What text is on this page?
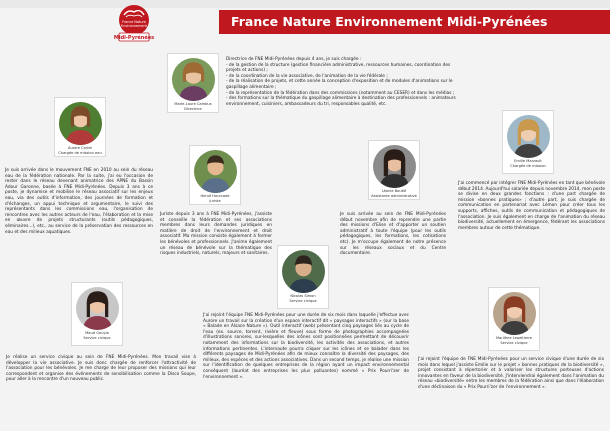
France Nature
Environnement
Midi-Pyrénées
France Nature Environnement Midi-Pyrénées
Marie-Laure Cambus
Directrice
Directrice de FNE Midi-Pyrénées depuis 4 ans, je suis chargée :
- de la gestion de la structure (gestion financière administrative, ressources humaines, coordination des
projets et actions) ;
- de la coordination de la vie associative, de l'animation de la vie fédérale ;
- de la réalisation de projets, et cette année la conception d'exposition et de modules d'animations sur le
gaspillage alimentaire ;
- de la représentation de la fédération dans des commissions (notamment au CESER) et dans les médias ;
- des formations sur la thématique du gaspillage alimentaire à destination des professionnels : animateurs
environnement, cuisiniers, ambassadeurs du tri, responsables qualité, etc.
Aurore Carlet
Chargée de mission eau
Je suis arrivée dans le mouvement FNE en 2010 au sein du réseau eau de la fédération nationale. Par la suite, j'ai eu l'occasion de rester dans le réseau devenant animatrice des APNE du Bassin Adour Garonne, basée à FNE Midi-Pyrénées. Depuis 3 ans à ce poste, je dynamise et mobilise le réseau associatif sur les enjeux eau, via des outils d'information, des journées de formation et d'échanges, un appui technique et argumentaire, le suivi des représentants dans les commissions eau, l'organisation de rencontres avec les autres acteurs de l'eau, l'élaboration et la mise en œuvre de projets structurants (outils pédagogiques, séminaires...), etc., au service de la préservation des ressources en eau et des milieux aquatiques.
Hervé Hourcade
Juriste
Juriste depuis 3 ans à FNE Midi-Pyrénées, j'assiste et conseille la fédération et ses associations membres dans leurs demandes juridiques en matière de droit de l'environnement et droit associatif. Ma mission consiste également à former les bénévoles et professionnels. J'anime également un réseau de bénévole sur la thématique des risques industriels, naturels, majeurs et sanitaires.
Léonie Boutié
Assistante administrative
Je suis arrivée au sein de FNE Midi-Pyrénées début novembre afin de reprendre une partie des missions d'Elise et d'apporter un soutien administratif à toute l'équipe (pour les outils pédagogiques, les formations, les cotisations etc). Je m'occupe également de notre présence sur les réseaux sociaux et du Centre documentaire.
Emilie Marzault
Chargée de mission
J'ai commencé par intégrer FNE Midi-Pyrénées en tant que bénévole début 2014. Aujourd'hui salariée depuis novembre 2014, mon poste se divise en deux grandes fonctions : d'une part chargée de mission «bonnes pratiques» ; d'autre part, je suis chargée de communication en partenariat avec Lémon pour créer tous les supports, affiches, outils de communication et pédagogiques de l'association. Je suis également en charge de l'animation du réseau biodiversité, actuellement en émergence, fédérant les associations membres autour de cette thématique.
Nicolas Simon
Service civique
J'ai rejoint l'équipe FNE Midi-Pyrénées pour une durée de six mois dans laquelle j'effectue avec Aurore un travail sur la création d'un espace interactif dit « paysages interactifs » (sur la base « Balade en Alsace Nature »). Outil interactif (web) présentant cinq paysages liés au cycle de l'eau (ex. source, torrent, rivière et fleuve) sous forme de photographies accompagnées d'illustrations sonores, sur-lesquelles des icônes sont positionnées permettant de découvrir notamment des informations sur la biodiversité, les activités des associations, et autres informations pertinentes. L'internaute pourra cliquer sur les icônes et se balader dans les différents paysages de Midi-Pyrénées afin de mieux connaître la diversité des paysages, des milieux, des espèces et des actions associatives. Dans un second temps, je réalise une mission sur l'identification de quelques entreprises de la région ayant un impact environnemental conséquent (lauréat des entreprises les plus polluantes) nommé « Prix Pourri'zer de l'environnement ».
Maud Gouyla
Service civique
Je réalise un service civique au sein de FNE Midi-Pyrénées. Mon travail vise à développer la vie associative. Je suis donc chargée de renforcer l'attractivité de l'association pour les bénévoles. Je me charge de leur proposer des missions qui leur correspondent et organise des événements de sensibilisation comme la Disco Soupe, pour aller à la rencontre d'un nouveau public.
Marilène Lepeltierre
Service civique
J'ai rejoint l'équipe de FNE Midi-Pyrénées pour un service civique d'une durée de six mois dans lequel j'assiste Emilie sur le projet « bonnes pratiques de la biodiversité », projet consistant à répertorier et à valoriser les structures porteuses d'actions innovantes en faveur de la biodiversité. J'interviendrai également dans l'animation du réseau «biodiversité» entre les membres de la fédération ainsi que dans l'élaboration d'une déclinaison du « Prix Pourri'zer de l'environnement ».
